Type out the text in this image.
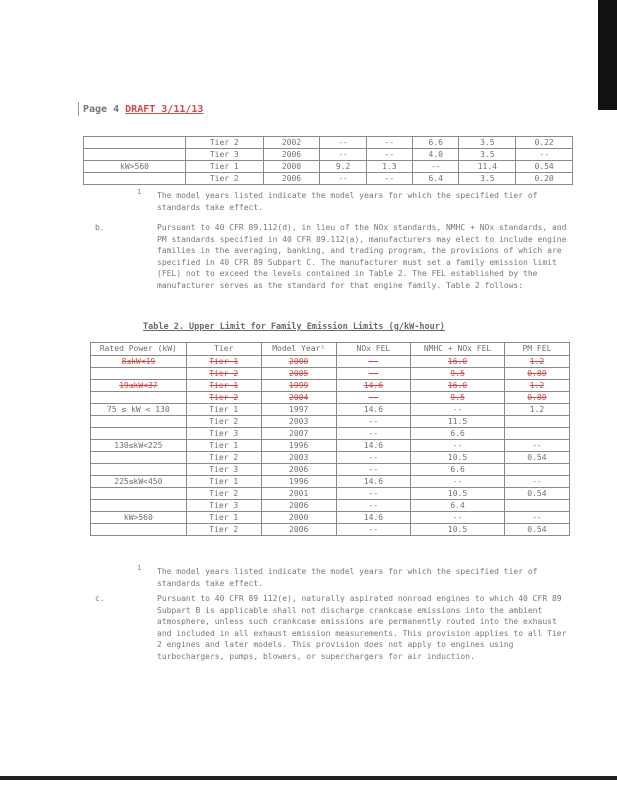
Page 4 DRAFT 3/11/13
	Tier 2	2002	--	--	6.6	3.5	0.22
	Tier 3	2006	--	--	4.0	3.5	--
kW>560	Tier 1	2000	9.2	1.3	--	11.4	0.54
	Tier 2	2006	--	--	6.4	3.5	0.20
1 The model years listed indicate the model years for which the specified tier of standards take effect.
b.	Pursuant to 40 CFR 89.112(d), in lieu of the NOx standards, NMHC + NOx standards, and PM standards specified in 40 CFR 89.112(a), manufacturers may elect to include engine families in the averaging, banking, and trading program, the provisions of which are specified in 40 CFR 89 Subpart C. The manufacturer must set a family emission limit (FEL) not to exceed the levels contained in Table 2. The FEL established by the manufacturer serves as the standard for that engine family. Table 2 follows:
Table 2. Upper Limit for Family Emission Limits (g/kW-hour)
Rated Power (kW)	Tier	Model Year¹	NOx FEL	NMHC + NOx FEL	PM FEL
8≤kW<19	Tier 1	2000	--	16.0	1.2
	Tier 2	2005	--	9.5	0.80
19≤kW<37	Tier 1	1999	14.6	16.0	1.2
	Tier 2	2004	--	9.5	0.80
75 ≤ kW < 130	Tier 1	1997	14.6	--	1.2
	Tier 2	2003	--	11.5	
	Tier 3	2007	--	6.6	
130≤kW<225	Tier 1	1996	14.6	--	--
	Tier 2	2003	--	10.5	0.54
	Tier 3	2006	--	6.6	
225≤kW<450	Tier 1	1996	14.6	--	--
	Tier 2	2001	--	10.5	0.54
	Tier 3	2006	--	6.4	
kW>560	Tier 1	2000	14.6	--	--
	Tier 2	2006	--	10.5	0.54
1 The model years listed indicate the model years for which the specified tier of standards take effect.
c.	Pursuant to 40 CFR 89 112(e), naturally aspirated nonroad engines to which 40 CFR 89 Subpart B is applicable shall not discharge crankcase emissions into the ambient atmosphere, unless such crankcase emissions are permanently routed into the exhaust and included in all exhaust emission measurements. This provision applies to all Tier 2 engines and later models. This provision does not apply to engines using turbochargers, pumps, blowers, or superchargers for air induction.
